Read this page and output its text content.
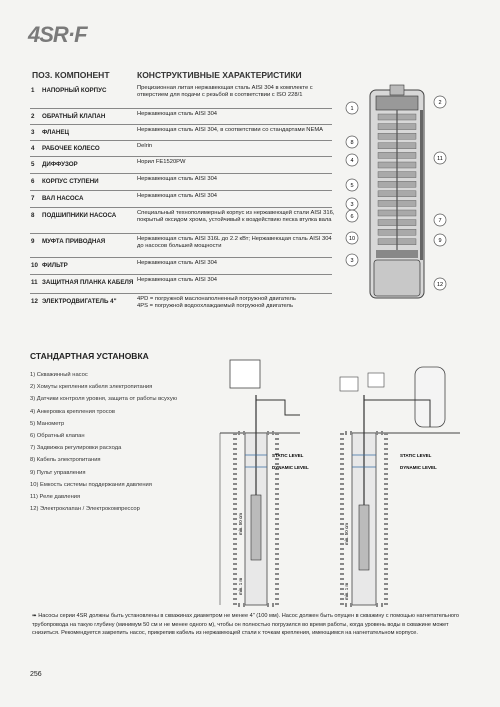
4SR·F
ПОЗ. КОМПОНЕНТ	КОНСТРУКТИВНЫЕ ХАРАКТЕРИСТИКИ
1 НАПОРНЫЙ КОРПУС	Прецизионная литая нержавеющая сталь AISI 304 в комплекте с отверстием для подачи с резьбой в соответствии с ISO 228/1
2 ОБРАТНЫЙ КЛАПАН	Нержавеющая сталь AISI 304
3 ФЛАНЕЦ	Нержавеющая сталь AISI 304, в соответствии со стандартами NEMA
4 РАБОЧЕЕ КОЛЕСО	Delrin
5 ДИФФУЗОР	Норил FE1520PW
6 КОРПУС СТУПЕНИ	Нержавеющая сталь AISI 304
7 ВАЛ НАСОСА	Нержавеющая сталь AISI 304
8 ПОДШИПНИКИ НАСОСА	Специальный технополимерный корпус из нержавеющей стали AISI 316, покрытый оксидом хрома, устойчивый к воздействию песка втулка вала
9 МУФТА ПРИВОДНАЯ	Нержавеющая сталь AISI 316L до 2.2 кВт; Нержавеющая сталь AISI 304 до насосов большей мощности
10 ФИЛЬТР	Нержавеющая сталь AISI 304
11 ЗАЩИТНАЯ ПЛАНКА КАБЕЛЯ Нержавеющая сталь AISI 304
12 ЭЛЕКТРОДВИГАТЕЛЬ 4"	4PD = погружной маслонаполненный погружной двигатель
4PS = погружной водоохлаждаемый погружной двигатель
1
2
8
4	11
5
3
6
7
10	9
3
12
СТАНДАРТНАЯ УСТАНОВКА
1) Скважинный насос
2) Хомуты крепления кабеля электропитания
3) Датчики контроля уровня, защита от работы всухую
4) Анкеровка крепления тросов
5) Манометр
6) Обратный клапан
7) Задвижка регулировки расхода
8) Кабель электропитания
9) Пульт управления
10) Емкость системы поддержания давления
11) Реле давления
12) Электроклапан / Электрокомпрессор
STATIC LEVEL
DYNAMIC LEVEL
min. 50 cm
min. 1 m
STATIC LEVEL
DYNAMIC LEVEL
min. 50 cm
min. 1 m
➠ Насосы серии 4SR должны быть установлены в скважинах диаметром не менее 4" (100 мм). Насос должен быть опущен в скважину с помощью нагнетательного трубопровода на такую глубину (минимум 50 см и не менее одного м), чтобы он полностью погрузился во время работы, когда уровень воды в скважине может снизиться. Рекомендуется закрепить насос, прикрепив кабель из нержавеющей стали к точкам крепления, имеющимся на нагнетательном корпусе.
256
